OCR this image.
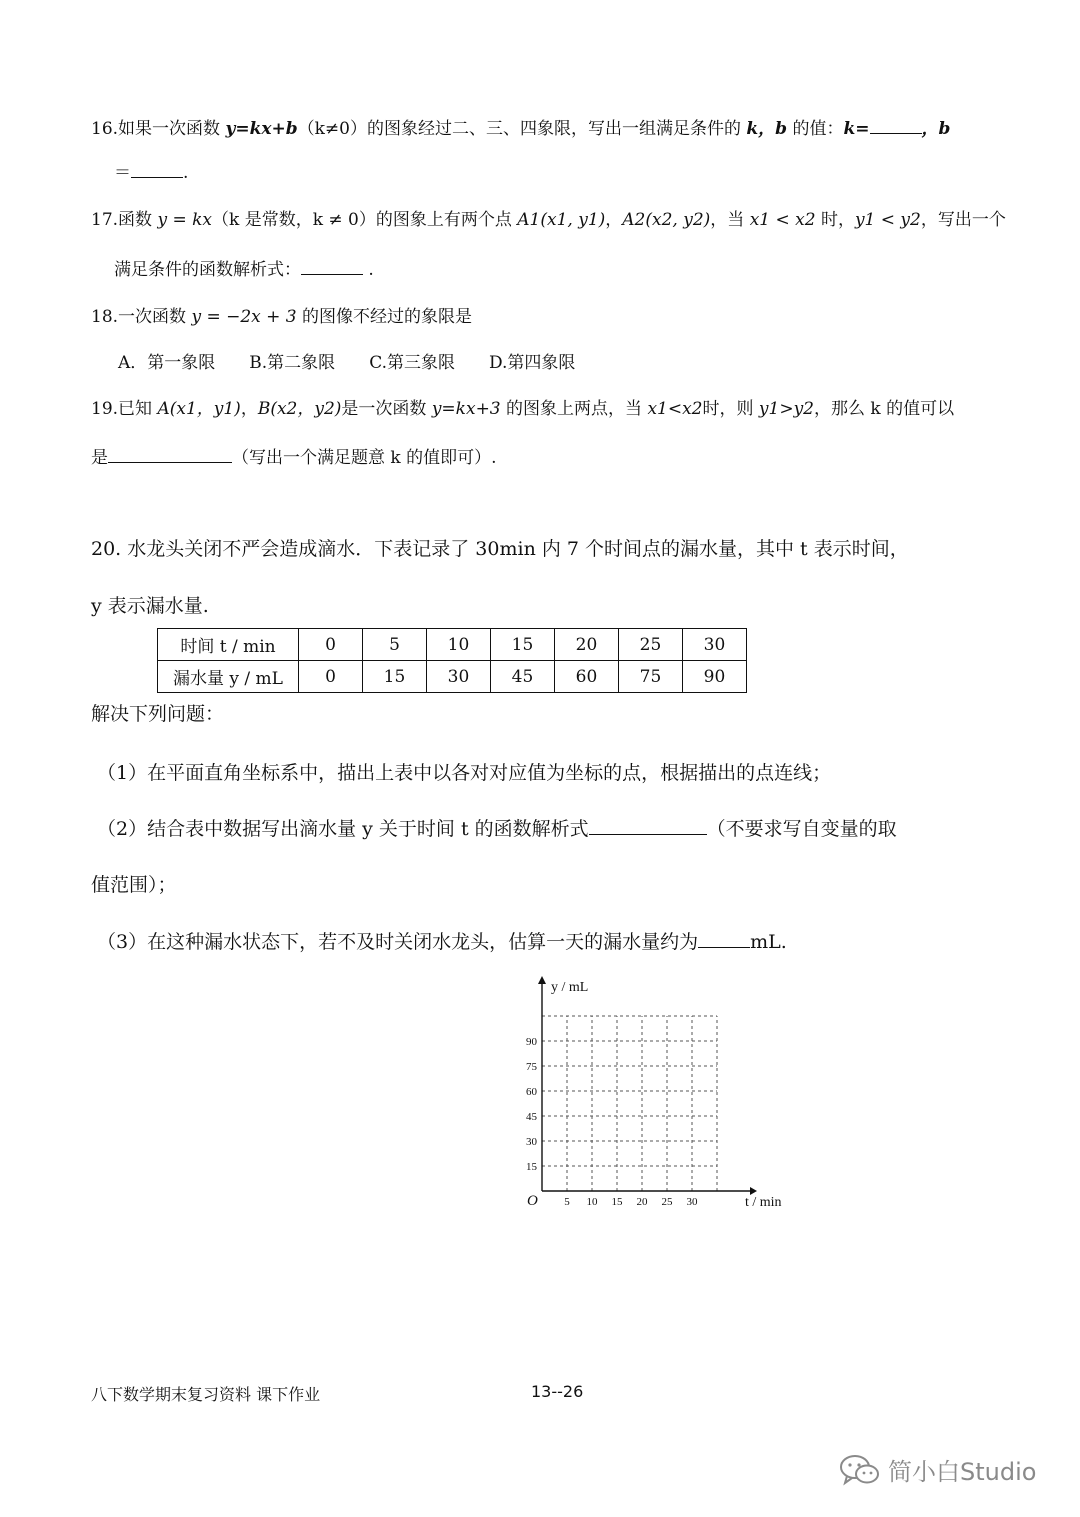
16.如果一次函数 y=kx+b（k≠0）的图象经过二、三、四象限，写出一组满足条件的 k，b 的值：k=	，b
＝	.
17.函数 y = kx（k 是常数，k ≠ 0）的图象上有两个点 A1(x1, y1)，A2(x2, y2)，当 x1 < x2 时，y1 < y2，写出一个
满足条件的函数解析式：	.
18.一次函数 y = −2x + 3 的图像不经过的象限是
A．第一象限 B.第二象限 C.第三象限 D.第四象限
19.已知 A(x1，y1)，B(x2，y2)是一次函数 y=kx+3 的图象上两点，当 x1<x2时，则 y1>y2，那么 k 的值可以
是	（写出一个满足题意 k 的值即可）.
20. 水龙头关闭不严会造成滴水．下表记录了 30min 内 7 个时间点的漏水量，其中 t 表示时间，
y 表示漏水量.
时间 t / min	0	5	10	15	20	25	30
漏水量 y / mL	0	15	30	45	60	75	90
解决下列问题：
（1）在平面直角坐标系中，描出上表中以各对对应值为坐标的点，根据描出的点连线；
（2）结合表中数据写出滴水量 y 关于时间 t 的函数解析式	（不要求写自变量的取
值范围）；
（3）在这种漏水状态下，若不及时关闭水龙头，估算一天的漏水量约为	mL.
5 10 15 20 25 30
15
30
45
60
75
90
O	t / min
y / mL
八下数学期末复习资料 课下作业	13--26
简小白Studio
